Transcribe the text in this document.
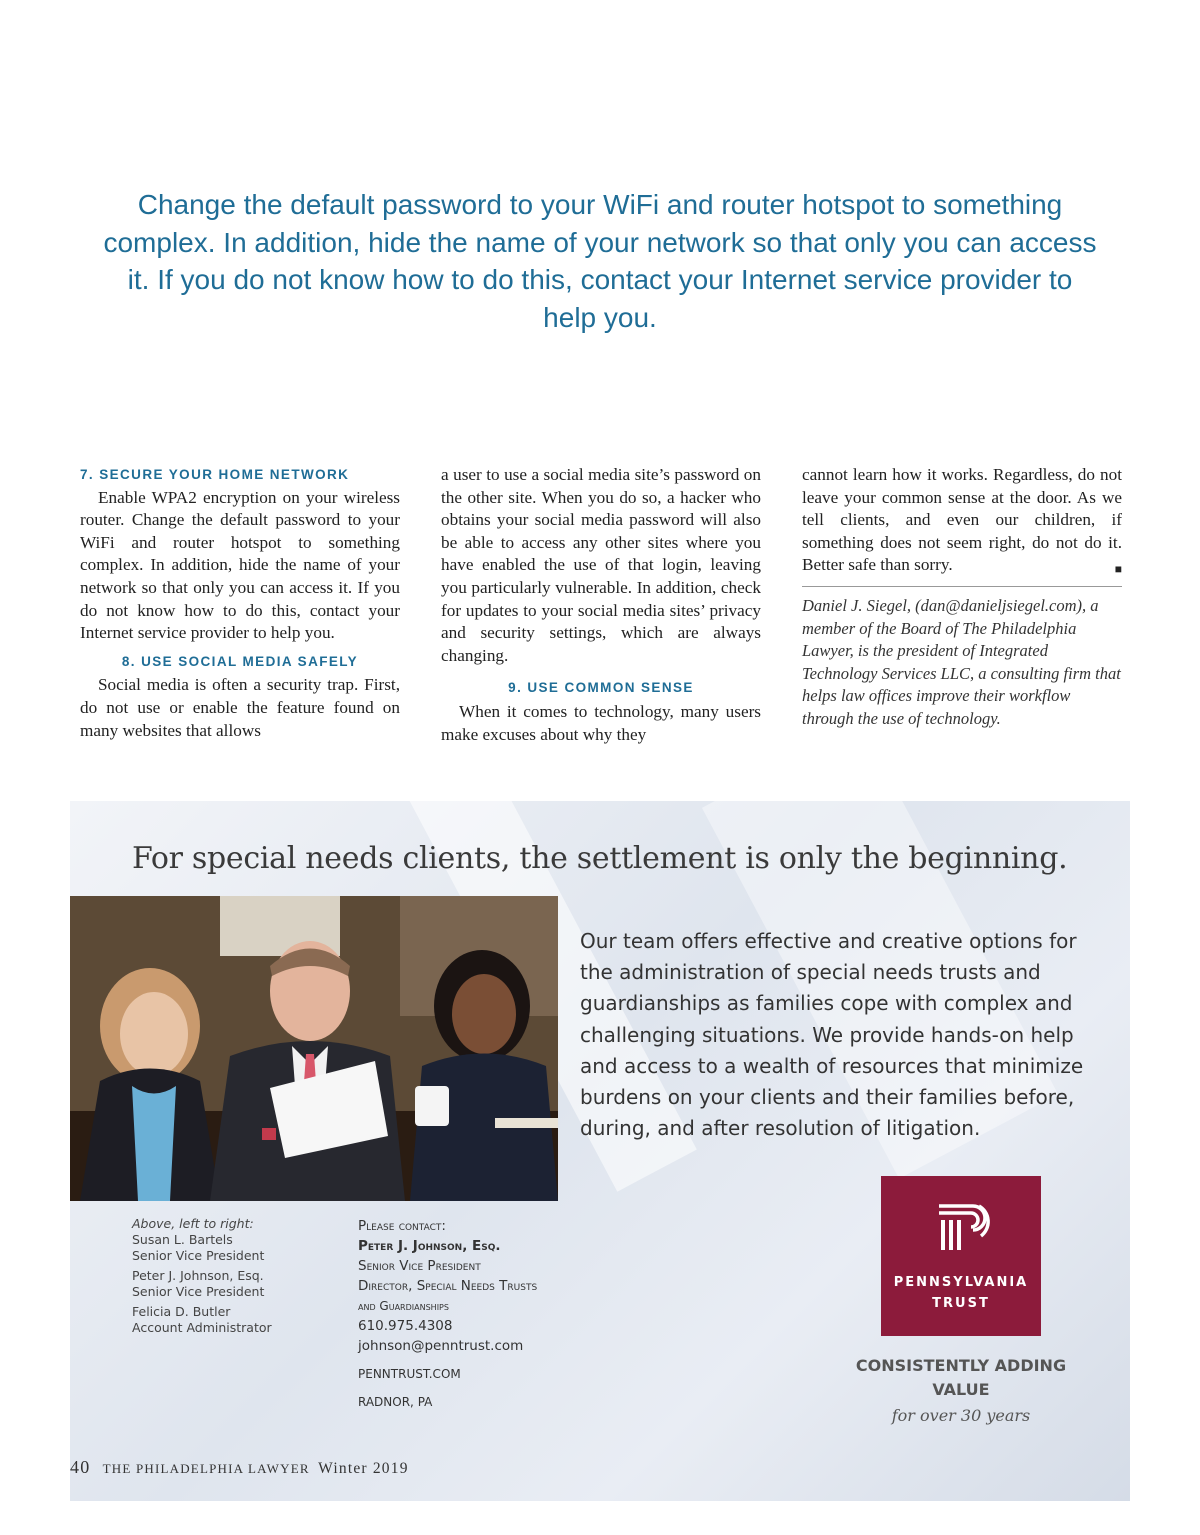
Change the default password to your WiFi and router hotspot to something complex. In addition, hide the name of your network so that only you can access it. If you do not know how to do this, contact your Internet service provider to help you.
7. SECURE YOUR HOME NETWORK

Enable WPA2 encryption on your wireless router. Change the default password to your WiFi and router hotspot to something complex. In addition, hide the name of your network so that only you can access it. If you do not know how to do this, contact your Internet service provider to help you.

8. USE SOCIAL MEDIA SAFELY

Social media is often a security trap. First, do not use or enable the feature found on many websites that allows

a user to use a social media site’s password on the other site. When you do so, a hacker who obtains your social media password will also be able to access any other sites where you have enabled the use of that login, leaving you particularly vulnerable. In addition, check for updates to your social media sites’ privacy and security settings, which are always changing.

9. USE COMMON SENSE

When it comes to technology, many users make excuses about why they

cannot learn how it works. Regardless, do not leave your common sense at the door. As we tell clients, and even our children, if something does not seem right, do not do it. Better safe than sorry.	■

Daniel J. Siegel, (dan@danieljsiegel.com), a member of the Board of The Philadelphia Lawyer, is the president of Integrated Technology Services LLC, a consulting firm that helps law offices improve their workflow through the use of technology.

For special needs clients, the settlement is only the beginning.
Our team offers effective and creative options for the administration of special needs trusts and guardianships as families cope with complex and challenging situations. We provide hands-on help and access to a wealth of resources that minimize burdens on your clients and their families before, during, and after resolution of litigation.
Above, left to right:
Susan L. Bartels
Senior Vice President
Peter J. Johnson, Esq.
Senior Vice President
Felicia D. Butler
Account Administrator
Please contact:
Peter J. Johnson, Esq.
Senior Vice President
Director, Special Needs Trusts
and Guardianships
610.975.4308
johnson@penntrust.com
PENNTRUST.COM
RADNOR, PA
PENNSYLVANIA
TRUST
CONSISTENTLY ADDING
VALUE
for over 30 years
40 THE PHILADELPHIA LAWYER Winter 2019
